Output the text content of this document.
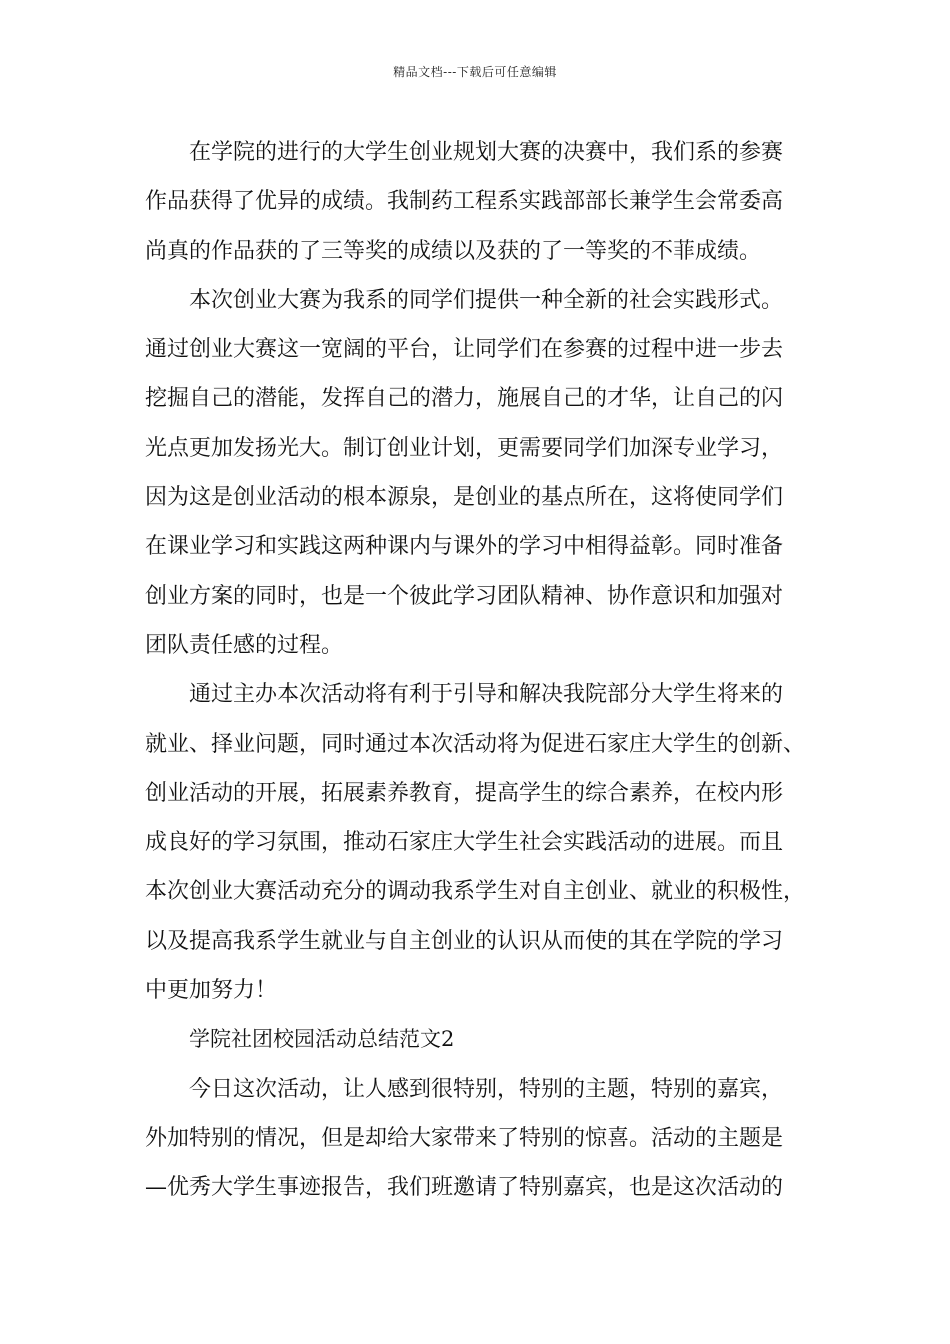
精品文档---下载后可任意编辑
在学院的进行的大学生创业规划大赛的决赛中，我们系的参赛
作品获得了优异的成绩。我制药工程系实践部部长兼学生会常委高
尚真的作品获的了三等奖的成绩以及获的了一等奖的不菲成绩。
本次创业大赛为我系的同学们提供一种全新的社会实践形式。
通过创业大赛这一宽阔的平台，让同学们在参赛的过程中进一步去
挖掘自己的潜能，发挥自己的潜力，施展自己的才华，让自己的闪
光点更加发扬光大。制订创业计划，更需要同学们加深专业学习，
因为这是创业活动的根本源泉，是创业的基点所在，这将使同学们
在课业学习和实践这两种课内与课外的学习中相得益彰。同时准备
创业方案的同时，也是一个彼此学习团队精神、协作意识和加强对
团队责任感的过程。
通过主办本次活动将有利于引导和解决我院部分大学生将来的
就业、择业问题，同时通过本次活动将为促进石家庄大学生的创新、
创业活动的开展，拓展素养教育，提高学生的综合素养，在校内形
成良好的学习氛围，推动石家庄大学生社会实践活动的进展。而且
本次创业大赛活动充分的调动我系学生对自主创业、就业的积极性，
以及提高我系学生就业与自主创业的认识从而使的其在学院的学习
中更加努力！
学院社团校园活动总结范文2
今日这次活动，让人感到很特别，特别的主题，特别的嘉宾，
外加特别的情况，但是却给大家带来了特别的惊喜。活动的主题是
—优秀大学生事迹报告，我们班邀请了特别嘉宾，也是这次活动的
